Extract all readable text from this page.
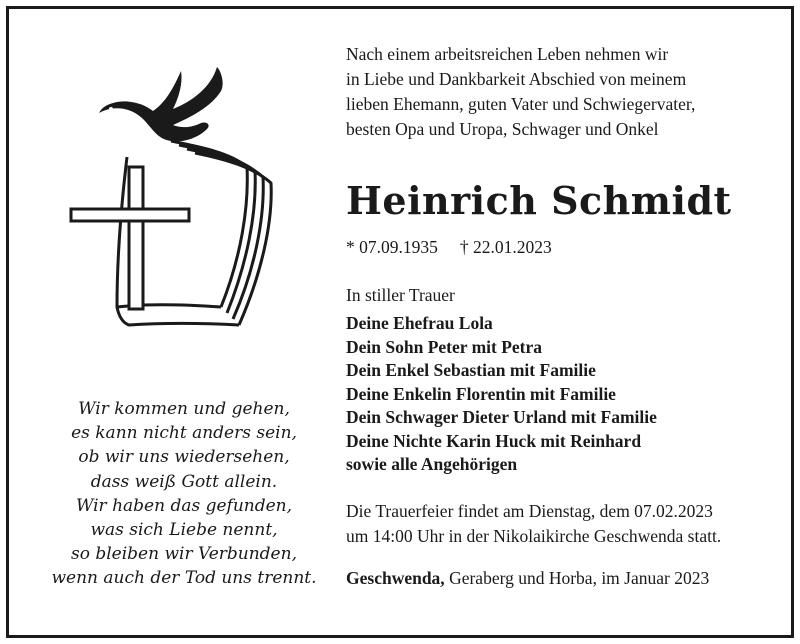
Wir kommen und gehen,
es kann nicht anders sein,
ob wir uns wiedersehen,
dass weiß Gott allein.
Wir haben das gefunden,
was sich Liebe nennt,
so bleiben wir Verbunden,
wenn auch der Tod uns trennt.
Nach einem arbeitsreichen Leben nehmen wir
in Liebe und Dankbarkeit Abschied von meinem
lieben Ehemann, guten Vater und Schwiegervater,
besten Opa und Uropa, Schwager und Onkel
Heinrich Schmidt
* 07.09.1935 † 22.01.2023
In stiller Trauer
Deine Ehefrau Lola
Dein Sohn Peter mit Petra
Dein Enkel Sebastian mit Familie
Deine Enkelin Florentin mit Familie
Dein Schwager Dieter Urland mit Familie
Deine Nichte Karin Huck mit Reinhard
sowie alle Angehörigen
Die Trauerfeier findet am Dienstag, dem 07.02.2023
um 14:00 Uhr in der Nikolaikirche Geschwenda statt.
Geschwenda, Geraberg und Horba, im Januar 2023
